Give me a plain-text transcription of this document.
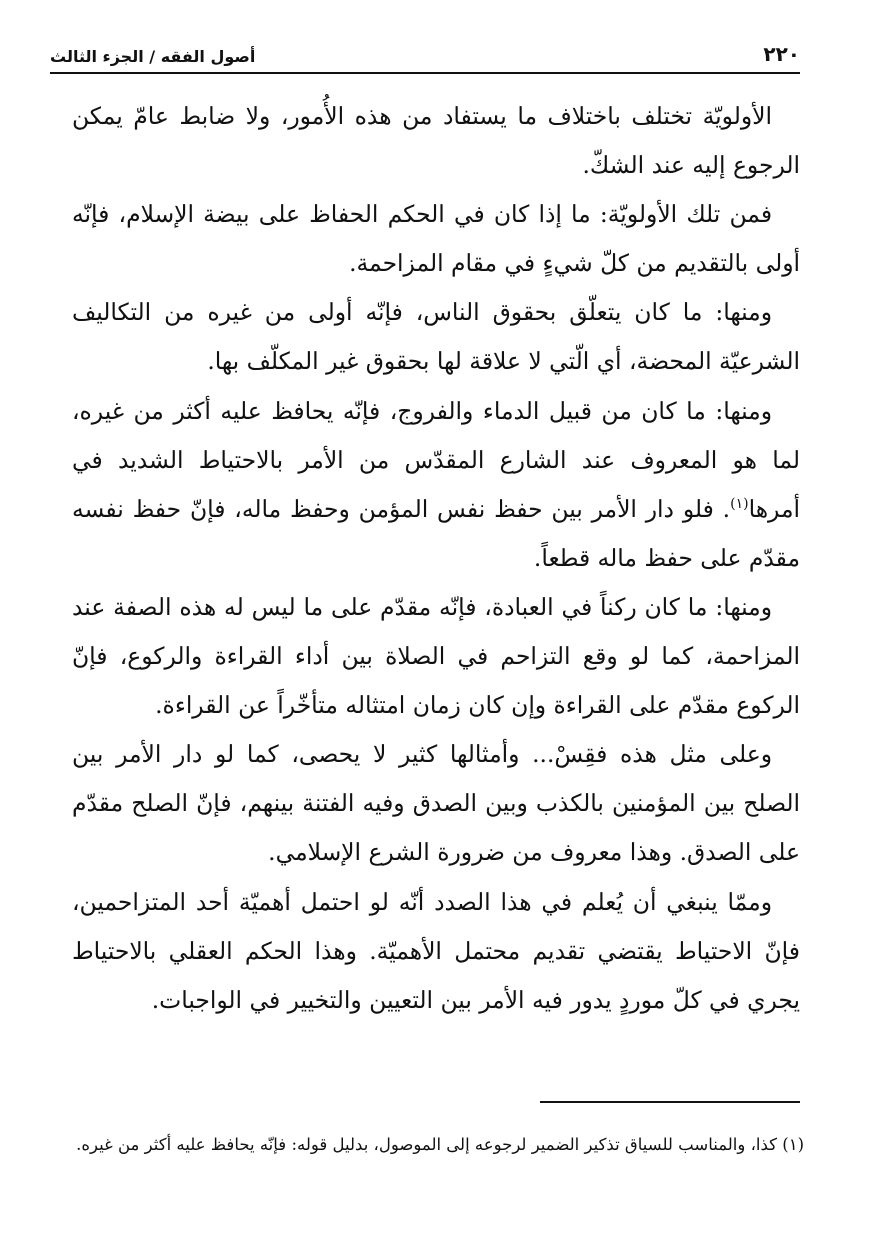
٢٢٠
أصول الفقه / الجزء الثالث

الأولويّة تختلف باختلاف ما يستفاد من هذه الأُمور، ولا ضابط عامّ يمكن الرجوع إليه عند الشكّ.

فمن تلك الأولويّة: ما إذا كان في الحكم الحفاظ على بيضة الإسلام، فإنّه أولى بالتقديم من كلّ شيءٍ في مقام المزاحمة.

ومنها: ما كان يتعلّق بحقوق الناس، فإنّه أولى من غيره من التكاليف الشرعيّة المحضة، أي الّتي لا علاقة لها بحقوق غير المكلّف بها.

ومنها: ما كان من قبيل الدماء والفروج، فإنّه يحافظ عليه أكثر من غيره، لما هو المعروف عند الشارع المقدّس من الأمر بالاحتياط الشديد في أمرها$^{(١)}$. فلو دار الأمر بين حفظ نفس المؤمن وحفظ ماله، فإنّ حفظ نفسه مقدّم على حفظ ماله قطعاً.

ومنها: ما كان ركناً في العبادة، فإنّه مقدّم على ما ليس له هذه الصفة عند المزاحمة، كما لو وقع التزاحم في الصلاة بين أداء القراءة والركوع، فإنّ الركوع مقدّم على القراءة وإن كان زمان امتثاله متأخّراً عن القراءة.

وعلى مثل هذه فقِسْ... وأمثالها كثير لا يحصى، كما لو دار الأمر بين الصلح بين المؤمنين بالكذب وبين الصدق وفيه الفتنة بينهم، فإنّ الصلح مقدّم على الصدق. وهذا معروف من ضرورة الشرع الإسلامي.

وممّا ينبغي أن يُعلم في هذا الصدد أنّه لو احتمل أهميّة أحد المتزاحمين، فإنّ الاحتياط يقتضي تقديم محتمل الأهميّة. وهذا الحكم العقلي بالاحتياط يجري في كلّ موردٍ يدور فيه الأمر بين التعيين والتخيير في الواجبات.

(١) كذا، والمناسب للسياق تذكير الضمير لرجوعه إلى الموصول، بدليل قوله: فإنّه يحافظ عليه أكثر من غيره.
